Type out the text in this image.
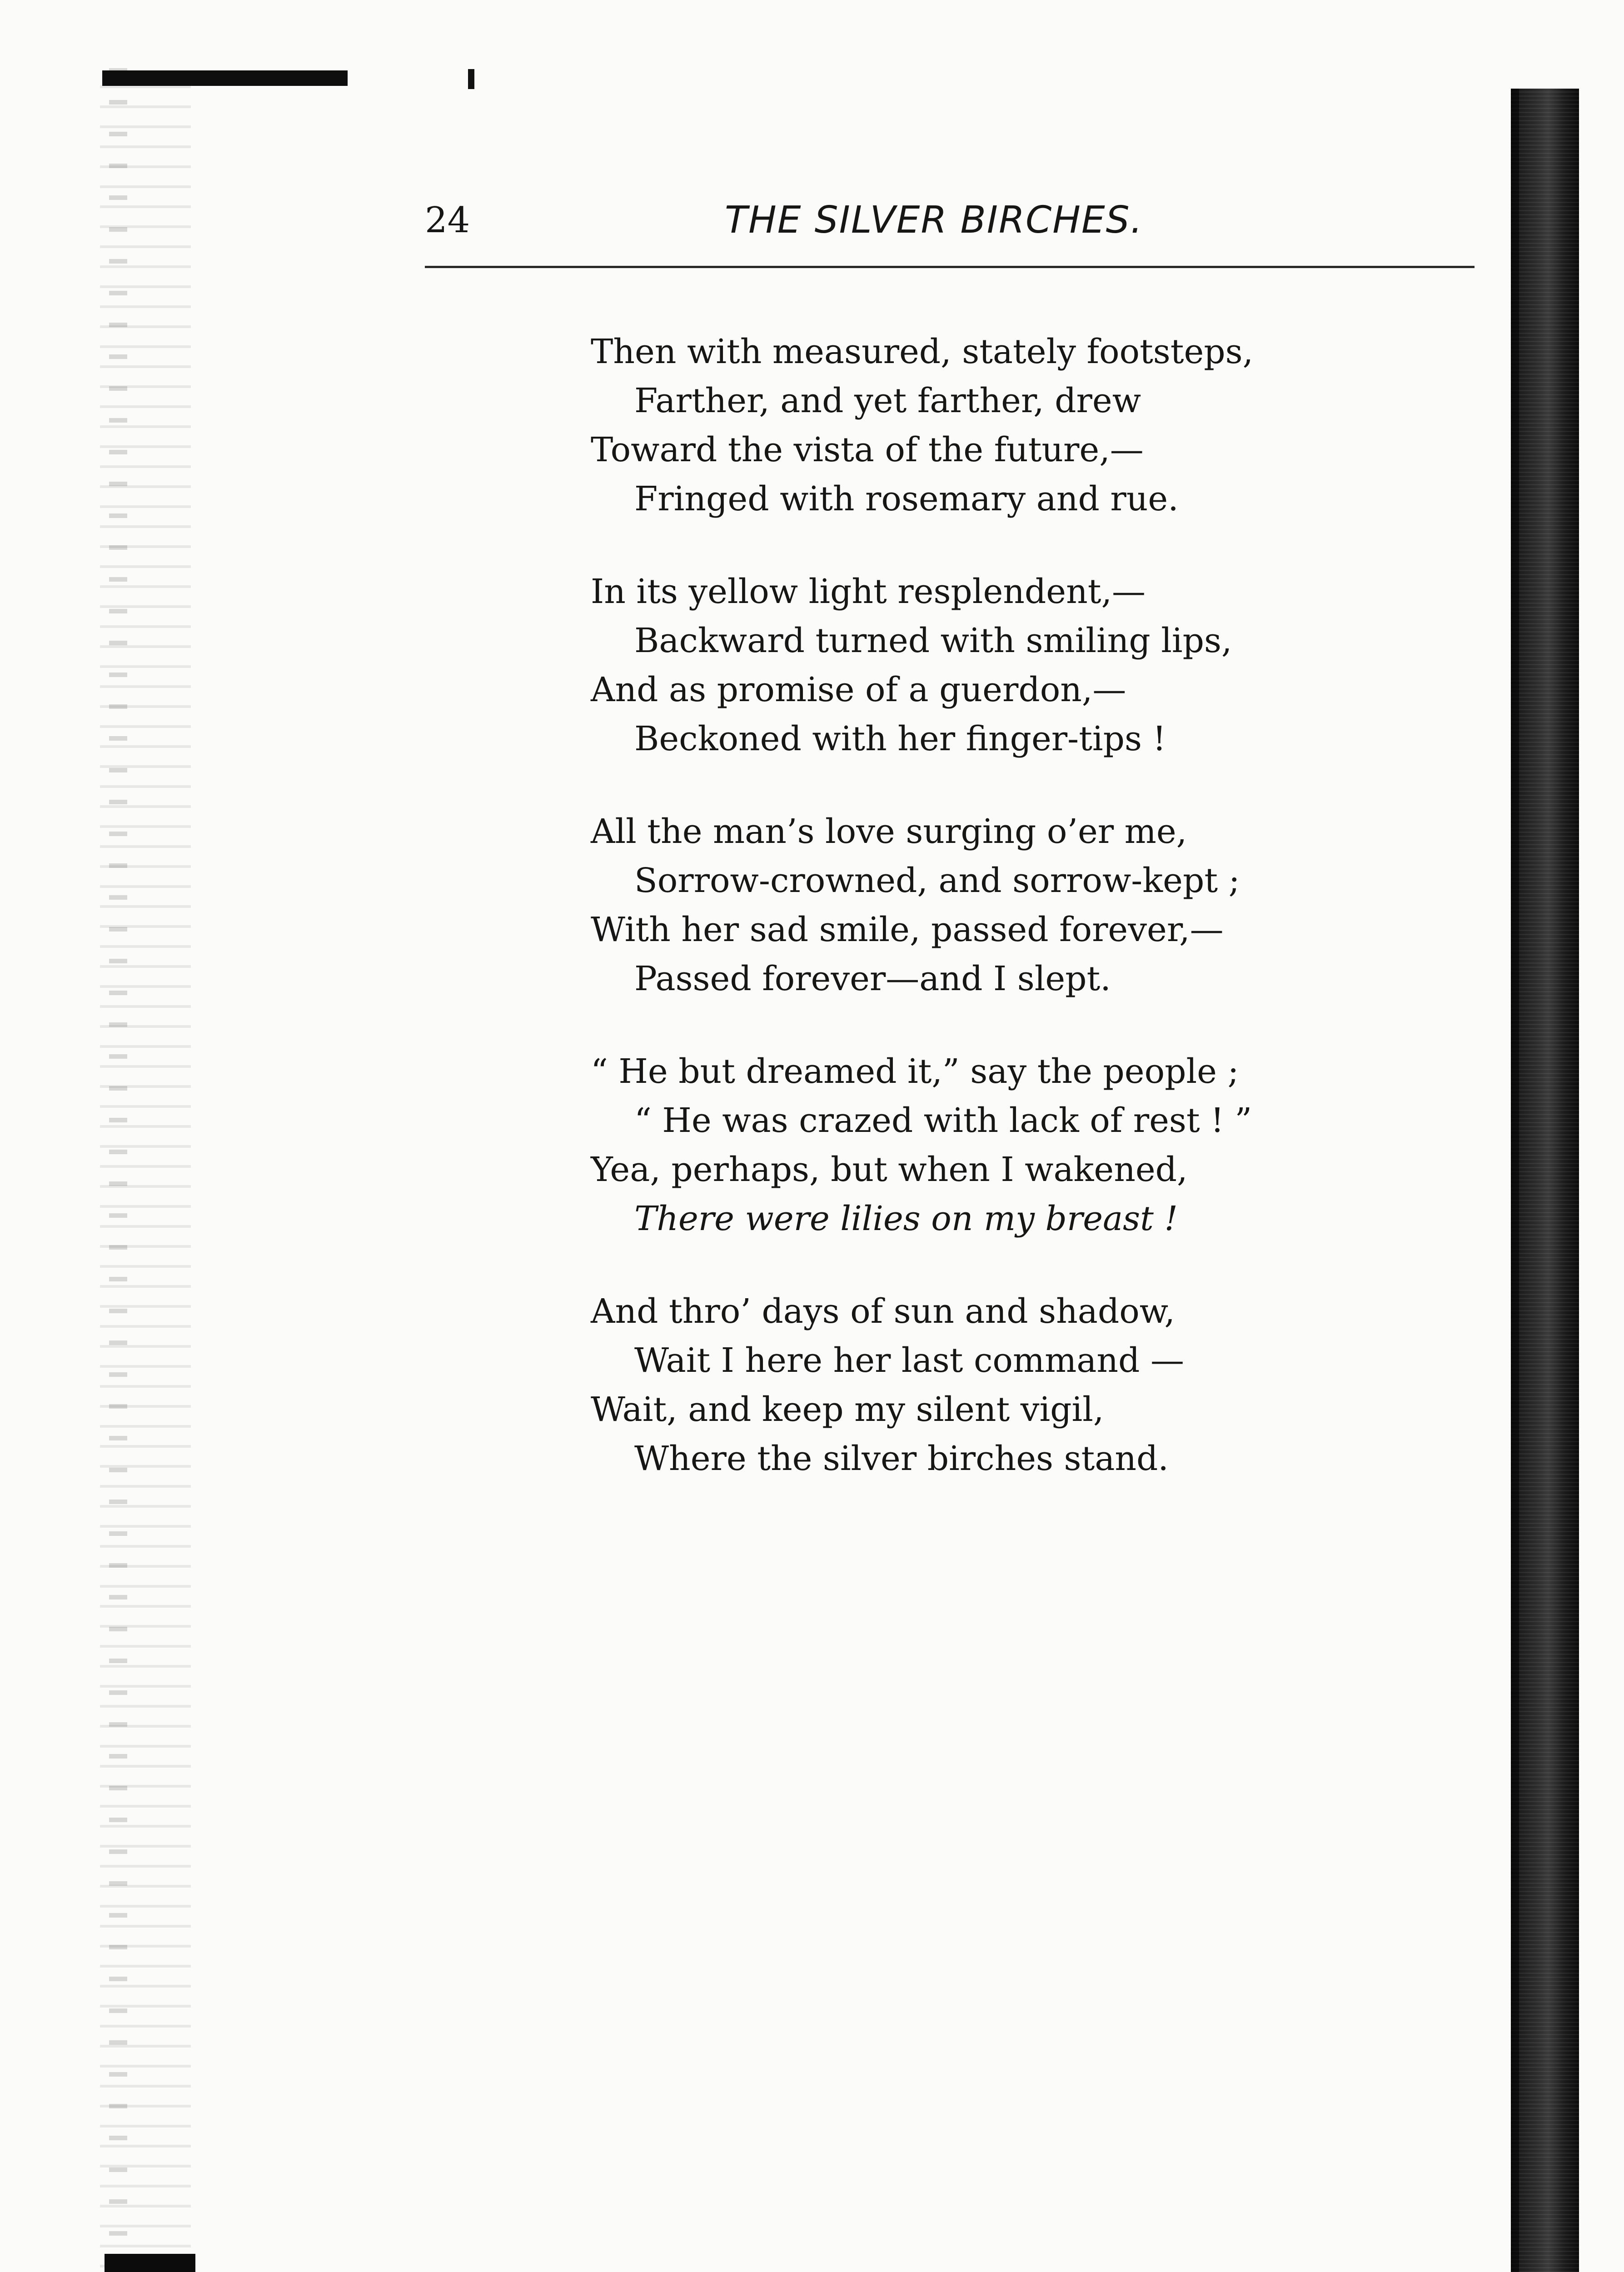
24	THE SILVER BIRCHES.
Then with measured, stately footsteps,
Farther, and yet farther, drew
Toward the vista of the future,—
Fringed with rosemary and rue.
In its yellow light resplendent,—
Backward turned with smiling lips,
And as promise of a guerdon,—
Beckoned with her finger-tips !
All the man’s love surging o’er me,
Sorrow-crowned, and sorrow-kept ;
With her sad smile, passed forever,—
Passed forever—and I slept.
“ He but dreamed it,” say the people ;
“ He was crazed with lack of rest ! ”
Yea, perhaps, but when I wakened,
There were lilies on my breast !
And thro’ days of sun and shadow,
Wait I here her last command —
Wait, and keep my silent vigil,
Where the silver birches stand.
